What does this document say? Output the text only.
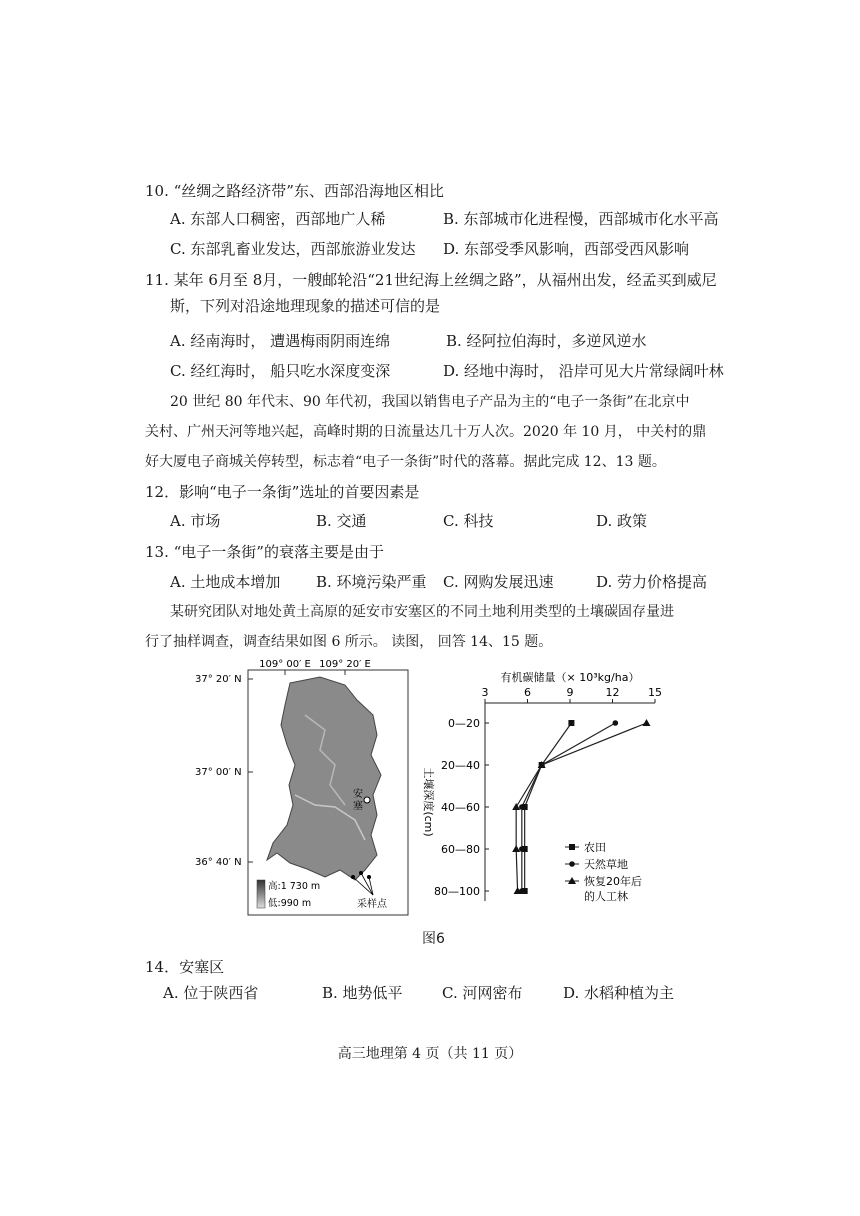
10. “丝绸之路经济带”东、西部沿海地区相比
A. 东部人口稠密，西部地广人稀	B. 东部城市化进程慢，西部城市化水平高
C. 东部乳畜业发达，西部旅游业发达 D. 东部受季风影响，西部受西风影响
11. 某年 6月至 8月，一艘邮轮沿“21世纪海上丝绸之路”，从福州出发，经孟买到威尼
斯，下列对沿途地理现象的描述可信的是
A. 经南海时， 遭遇梅雨阴雨连绵	B. 经阿拉伯海时，多逆风逆水
C. 经红海时， 船只吃水深度变深	D. 经地中海时， 沿岸可见大片常绿阔叶林
20 世纪 80 年代末、90 年代初，我国以销售电子产品为主的“电子一条街”在北京中
关村、广州天河等地兴起，高峰时期的日流量达几十万人次。2020 年 10 月， 中关村的鼎
好大厦电子商城关停转型，标志着“电子一条街”时代的落幕。据此完成 12、13 题。
12．影响“电子一条街”选址的首要因素是
A. 市场	B. 交通	C. 科技	D. 政策
13. “电子一条街”的衰落主要是由于
A. 土地成本增加 B. 环境污染严重 C. 网购发展迅速	D. 劳力价格提高
某研究团队对地处黄土高原的延安市安塞区的不同土地利用类型的土壤碳固存量进
行了抽样调查，调查结果如图 6 所示。 读图， 回答 14、15 题。
109° 00′ E 109° 20′ E
37° 20′ N
37° 00′ N
36° 40′ N
安
塞
采样点
高:1 730 m
低:990 m
有机碳储量（× 10³kg/ha）
3	6	9	12	15
0—20
20—40
40—60
60—80
80—100
土壤深度(cm)
农田
天然草地
恢复20年后
的人工林
图6
14．安塞区
A. 位于陕西省	B. 地势低平	C. 河网密布	D. 水稻种植为主
高三地理第 4 页（共 11 页）
